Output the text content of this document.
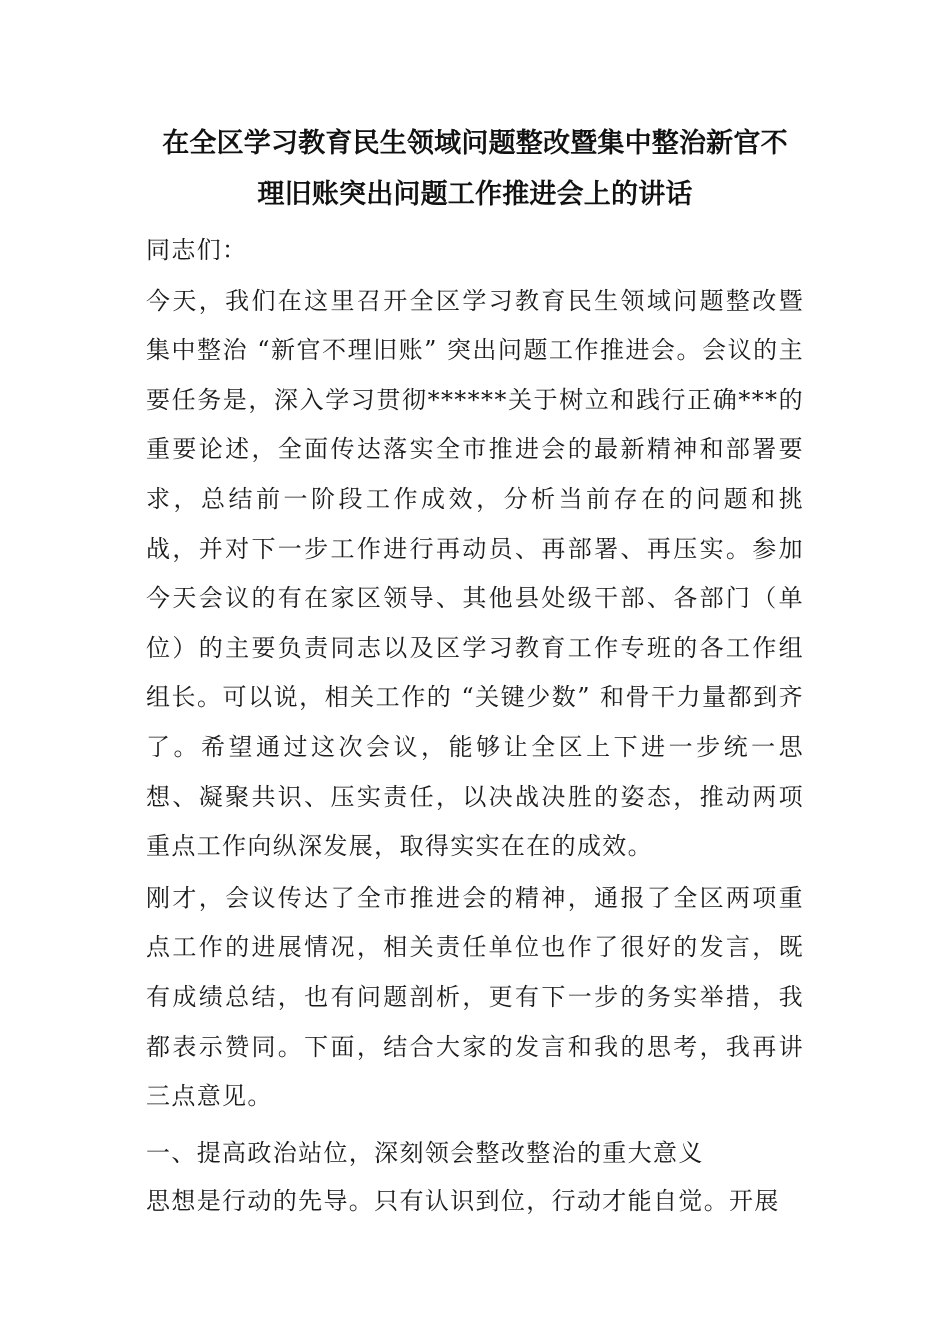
在全区学习教育民生领域问题整改暨集中整治新官不
理旧账突出问题工作推进会上的讲话

同志们：

今天，我们在这里召开全区学习教育民生领域问题整改暨集中整治 “新官不理旧账” 突出问题工作推进会。会议的主要任务是，深入学习贯彻******关于树立和践行正确***的重要论述，全面传达落实全市推进会的最新精神和部署要求，总结前一阶段工作成效，分析当前存在的问题和挑战，并对下一步工作进行再动员、再部署、再压实。参加今天会议的有在家区领导、其他县处级干部、各部门（单位）的主要负责同志以及区学习教育工作专班的各工作组组长。可以说，相关工作的 “关键少数” 和骨干力量都到齐了。希望通过这次会议，能够让全区上下进一步统一思想、凝聚共识、压实责任，以决战决胜的姿态，推动两项重点工作向纵深发展，取得实实在在的成效。

刚才，会议传达了全市推进会的精神，通报了全区两项重点工作的进展情况，相关责任单位也作了很好的发言，既有成绩总结，也有问题剖析，更有下一步的务实举措，我都表示赞同。下面，结合大家的发言和我的思考，我再讲三点意见。

一、提高政治站位，深刻领会整改整治的重大意义

思想是行动的先导。只有认识到位，行动才能自觉。开展
